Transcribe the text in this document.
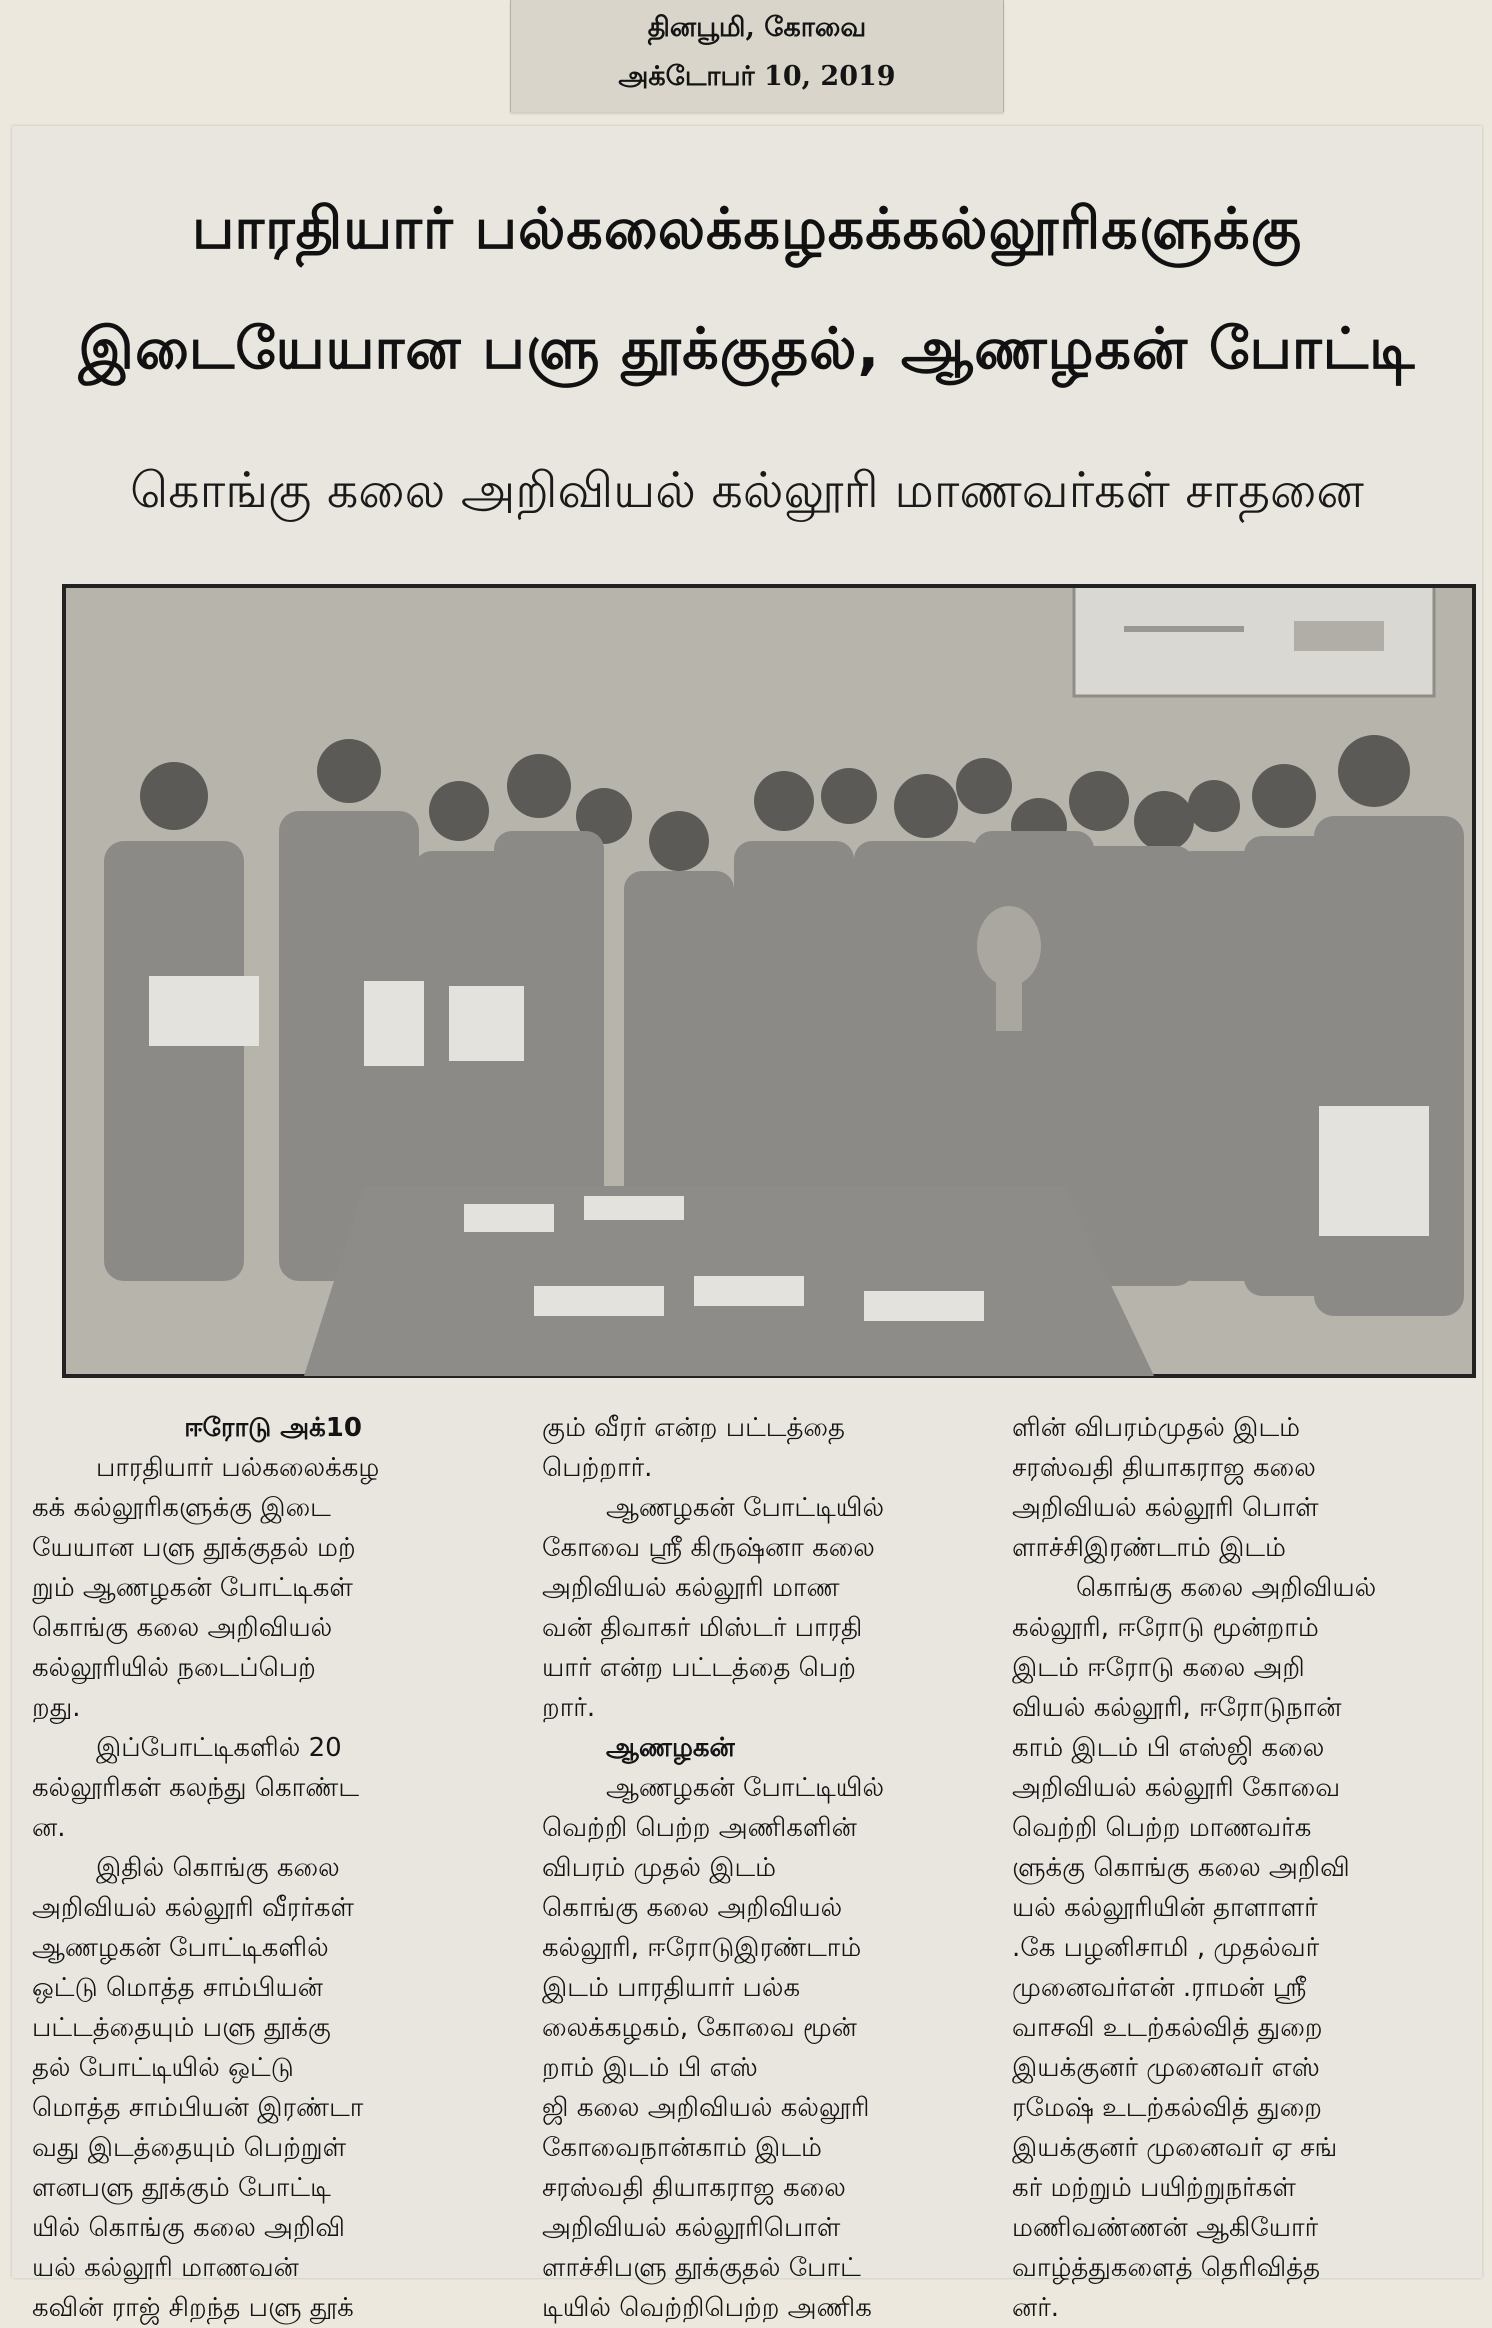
தினபூமி, கோவை
அக்டோபர் 10, 2019
பாரதியார் பல்கலைக்கழகக்கல்லூரிகளுக்கு
இடையேயான பளு தூக்குதல், ஆணழகன் போட்டி
கொங்கு கலை அறிவியல் கல்லூரி மாணவர்கள் சாதனை

ஈரோடு அக்10

பாரதியார் பல்கலைக்கழ

கக் கல்லூரிகளுக்கு இடை

யேயான பளு தூக்குதல் மற்

றும் ஆணழகன் போட்டிகள்

கொங்கு கலை அறிவியல்

கல்லூரியில் நடைப்பெற்

றது.

இப்போட்டிகளில் 20

கல்லூரிகள் கலந்து கொண்ட

ன.

இதில் கொங்கு கலை

அறிவியல் கல்லூரி வீரர்கள்

ஆணழகன் போட்டிகளில்

ஒட்டு மொத்த சாம்பியன்

பட்டத்தையும் பளு தூக்கு

தல் போட்டியில் ஒட்டு

மொத்த சாம்பியன் இரண்டா

வது இடத்தையும் பெற்றுள்

ளனபளு தூக்கும் போட்டி

யில் கொங்கு கலை அறிவி

யல் கல்லூரி மாணவன்

கவின் ராஜ் சிறந்த பளு தூக்

கும் வீரர் என்ற பட்டத்தை

பெற்றார்.

ஆணழகன் போட்டியில்

கோவை ஸ்ரீ கிருஷ்னா கலை

அறிவியல் கல்லூரி மாண

வன் திவாகர் மிஸ்டர் பாரதி

யார் என்ற பட்டத்தை பெற்

றார்.

ஆணழகன்

ஆணழகன் போட்டியில்

வெற்றி பெற்ற அணிகளின்

விபரம் முதல் இடம்

கொங்கு கலை அறிவியல்

கல்லூரி, ஈரோடுஇரண்டாம்

இடம் பாரதியார் பல்க

லைக்கழகம், கோவை மூன்

றாம் இடம் பி எஸ்

ஜி கலை அறிவியல் கல்லூரி

கோவைநான்காம் இடம்

சரஸ்வதி தியாகராஜ கலை

அறிவியல் கல்லூரிபொள்

ளாச்சிபளு தூக்குதல் போட்

டியில் வெற்றிபெற்ற அணிக

ளின் விபரம்முதல் இடம்

சரஸ்வதி தியாகராஜ கலை

அறிவியல் கல்லூரி பொள்

ளாச்சிஇரண்டாம் இடம்

கொங்கு கலை அறிவியல்

கல்லூரி, ஈரோடு மூன்றாம்

இடம் ஈரோடு கலை அறி

வியல் கல்லூரி, ஈரோடுநான்

காம் இடம் பி எஸ்ஜி கலை

அறிவியல் கல்லூரி கோவை

வெற்றி பெற்ற மாணவர்க

ளுக்கு கொங்கு கலை அறிவி

யல் கல்லூரியின் தாளாளர்

.கே பழனிசாமி , முதல்வர்

முனைவர்என் .ராமன் ஸ்ரீ

வாசவி உடற்கல்வித் துறை

இயக்குனர் முனைவர் எஸ்

ரமேஷ் உடற்கல்வித் துறை

இயக்குனர் முனைவர் ஏ சங்

கர் மற்றும் பயிற்றுநர்கள்

மணிவண்ணன் ஆகியோர்

வாழ்த்துகளைத் தெரிவித்த

னர்.
